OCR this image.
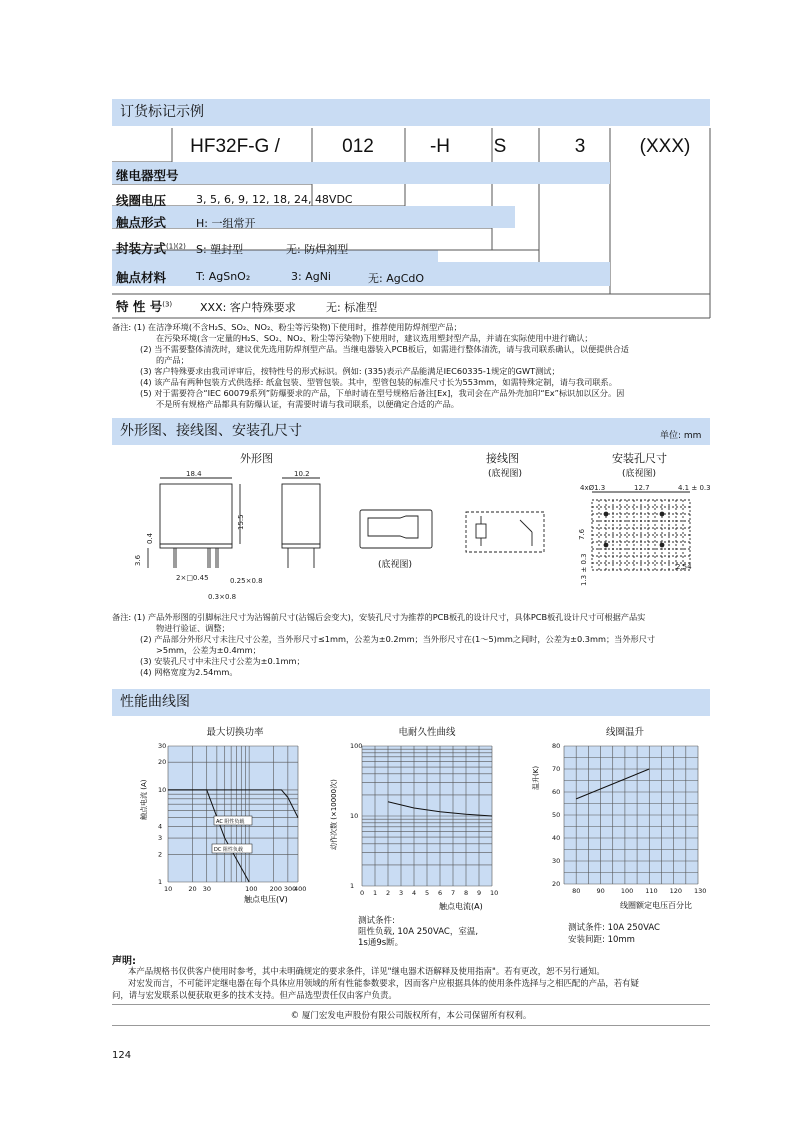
订货标记示例
HF32F-G /	012	-H	S	3	(XXX)
继电器型号
线圈电压	3, 5, 6, 9, 12, 18, 24, 48VDC
触点形式	H: 一组常开
封装方式$^{(1)(2)}$ S: 塑封型	无: 防焊剂型
触点材料	T: AgSnO₂	3: AgNi	无: AgCdO
特 性 号$^{(3)}$	XXX: 客户特殊要求	无: 标准型
备注: (1) 在洁净环境(不含H₂S、SO₂、NO₂、粉尘等污染物)下使用时，推荐使用防焊剂型产品；
在污染环境(含一定量的H₂S、SO₂、NO₂、粉尘等污染物)下使用时，建议选用塑封型产品，并请在实际使用中进行确认；
(2) 当不需要整体清洗时，建议优先选用防焊剂型产品。当继电器装入PCB板后，如需进行整体清洗，请与我司联系确认，以便提供合适
的产品；
(3) 客户特殊要求由我司评审后，按特性号的形式标识。例如: (335)表示产品能满足IEC60335-1规定的GWT测试；
(4) 该产品有两种包装方式供选择: 纸盒包装、型管包装。其中，型管包装的标准尺寸长为553mm，如需特殊定制，请与我司联系。
(5) 对于需要符合“IEC 60079系列”防爆要求的产品，下单时请在型号规格后备注[Ex]，我司会在产品外壳加印“Ex”标识加以区分。因
不是所有规格产品都具有防爆认证，有需要时请与我司联系，以便确定合适的产品。
外形图、接线图、安装孔尺寸	单位: mm
外形图	接线图
(底视图)
安装孔尺寸
(底视图)
18.4	10.2
15.5
3.6
0.4
2×□0.45	0.25×0.8
0.3×0.8
4xØ1.3	12.7	4.1 ± 0.3
7.6
1.3 ± 0.3	2.54
(底视图)
备注: (1) 产品外形图的引脚标注尺寸为沾锡前尺寸(沾锡后会变大)，安装孔尺寸为推荐的PCB板孔的设计尺寸，具体PCB板孔设计尺寸可根据产品实
物进行验证、调整；
(2) 产品部分外形尺寸未注尺寸公差，当外形尺寸≤1mm，公差为±0.2mm；当外形尺寸在(1～5)mm之间时，公差为±0.3mm；当外形尺寸
>5mm，公差为±0.4mm；
(3) 安装孔尺寸中未注尺寸公差为±0.1mm；
(4) 网格宽度为2.54mm。
性能曲线图
最大切换功率	电耐久性曲线	线圈温升
10 20 30	100 200 300
400
1
2
3
4
10
20
30
AC 阻性负载
DC 阻性负载
触点电流 (A)
触点电压(V)
0 1 2 3 4 5 6 7 8 9 10
1
10
100
动作次数 (×10000次)
触点电流(A)
测试条件:
阻性负载, 10A 250VAC，室温,
1s通9s断。
80 90 100 110 120 130
20
30
40
50
60
70
80
温升(K)
线圈额定电压百分比
测试条件: 10A 250VAC
安装间距: 10mm
声明:
本产品规格书仅供客户使用时参考，其中未明确规定的要求条件，详见"继电器术语解释及使用指南"。若有更改，恕不另行通知。
对宏发而言，不可能评定继电器在每个具体应用领域的所有性能参数要求，因而客户应根据具体的使用条件选择与之相匹配的产品，若有疑
问，请与宏发联系以便获取更多的技术支持。但产品选型责任仅由客户负责。
© 厦门宏发电声股份有限公司版权所有，本公司保留所有权利。
124
